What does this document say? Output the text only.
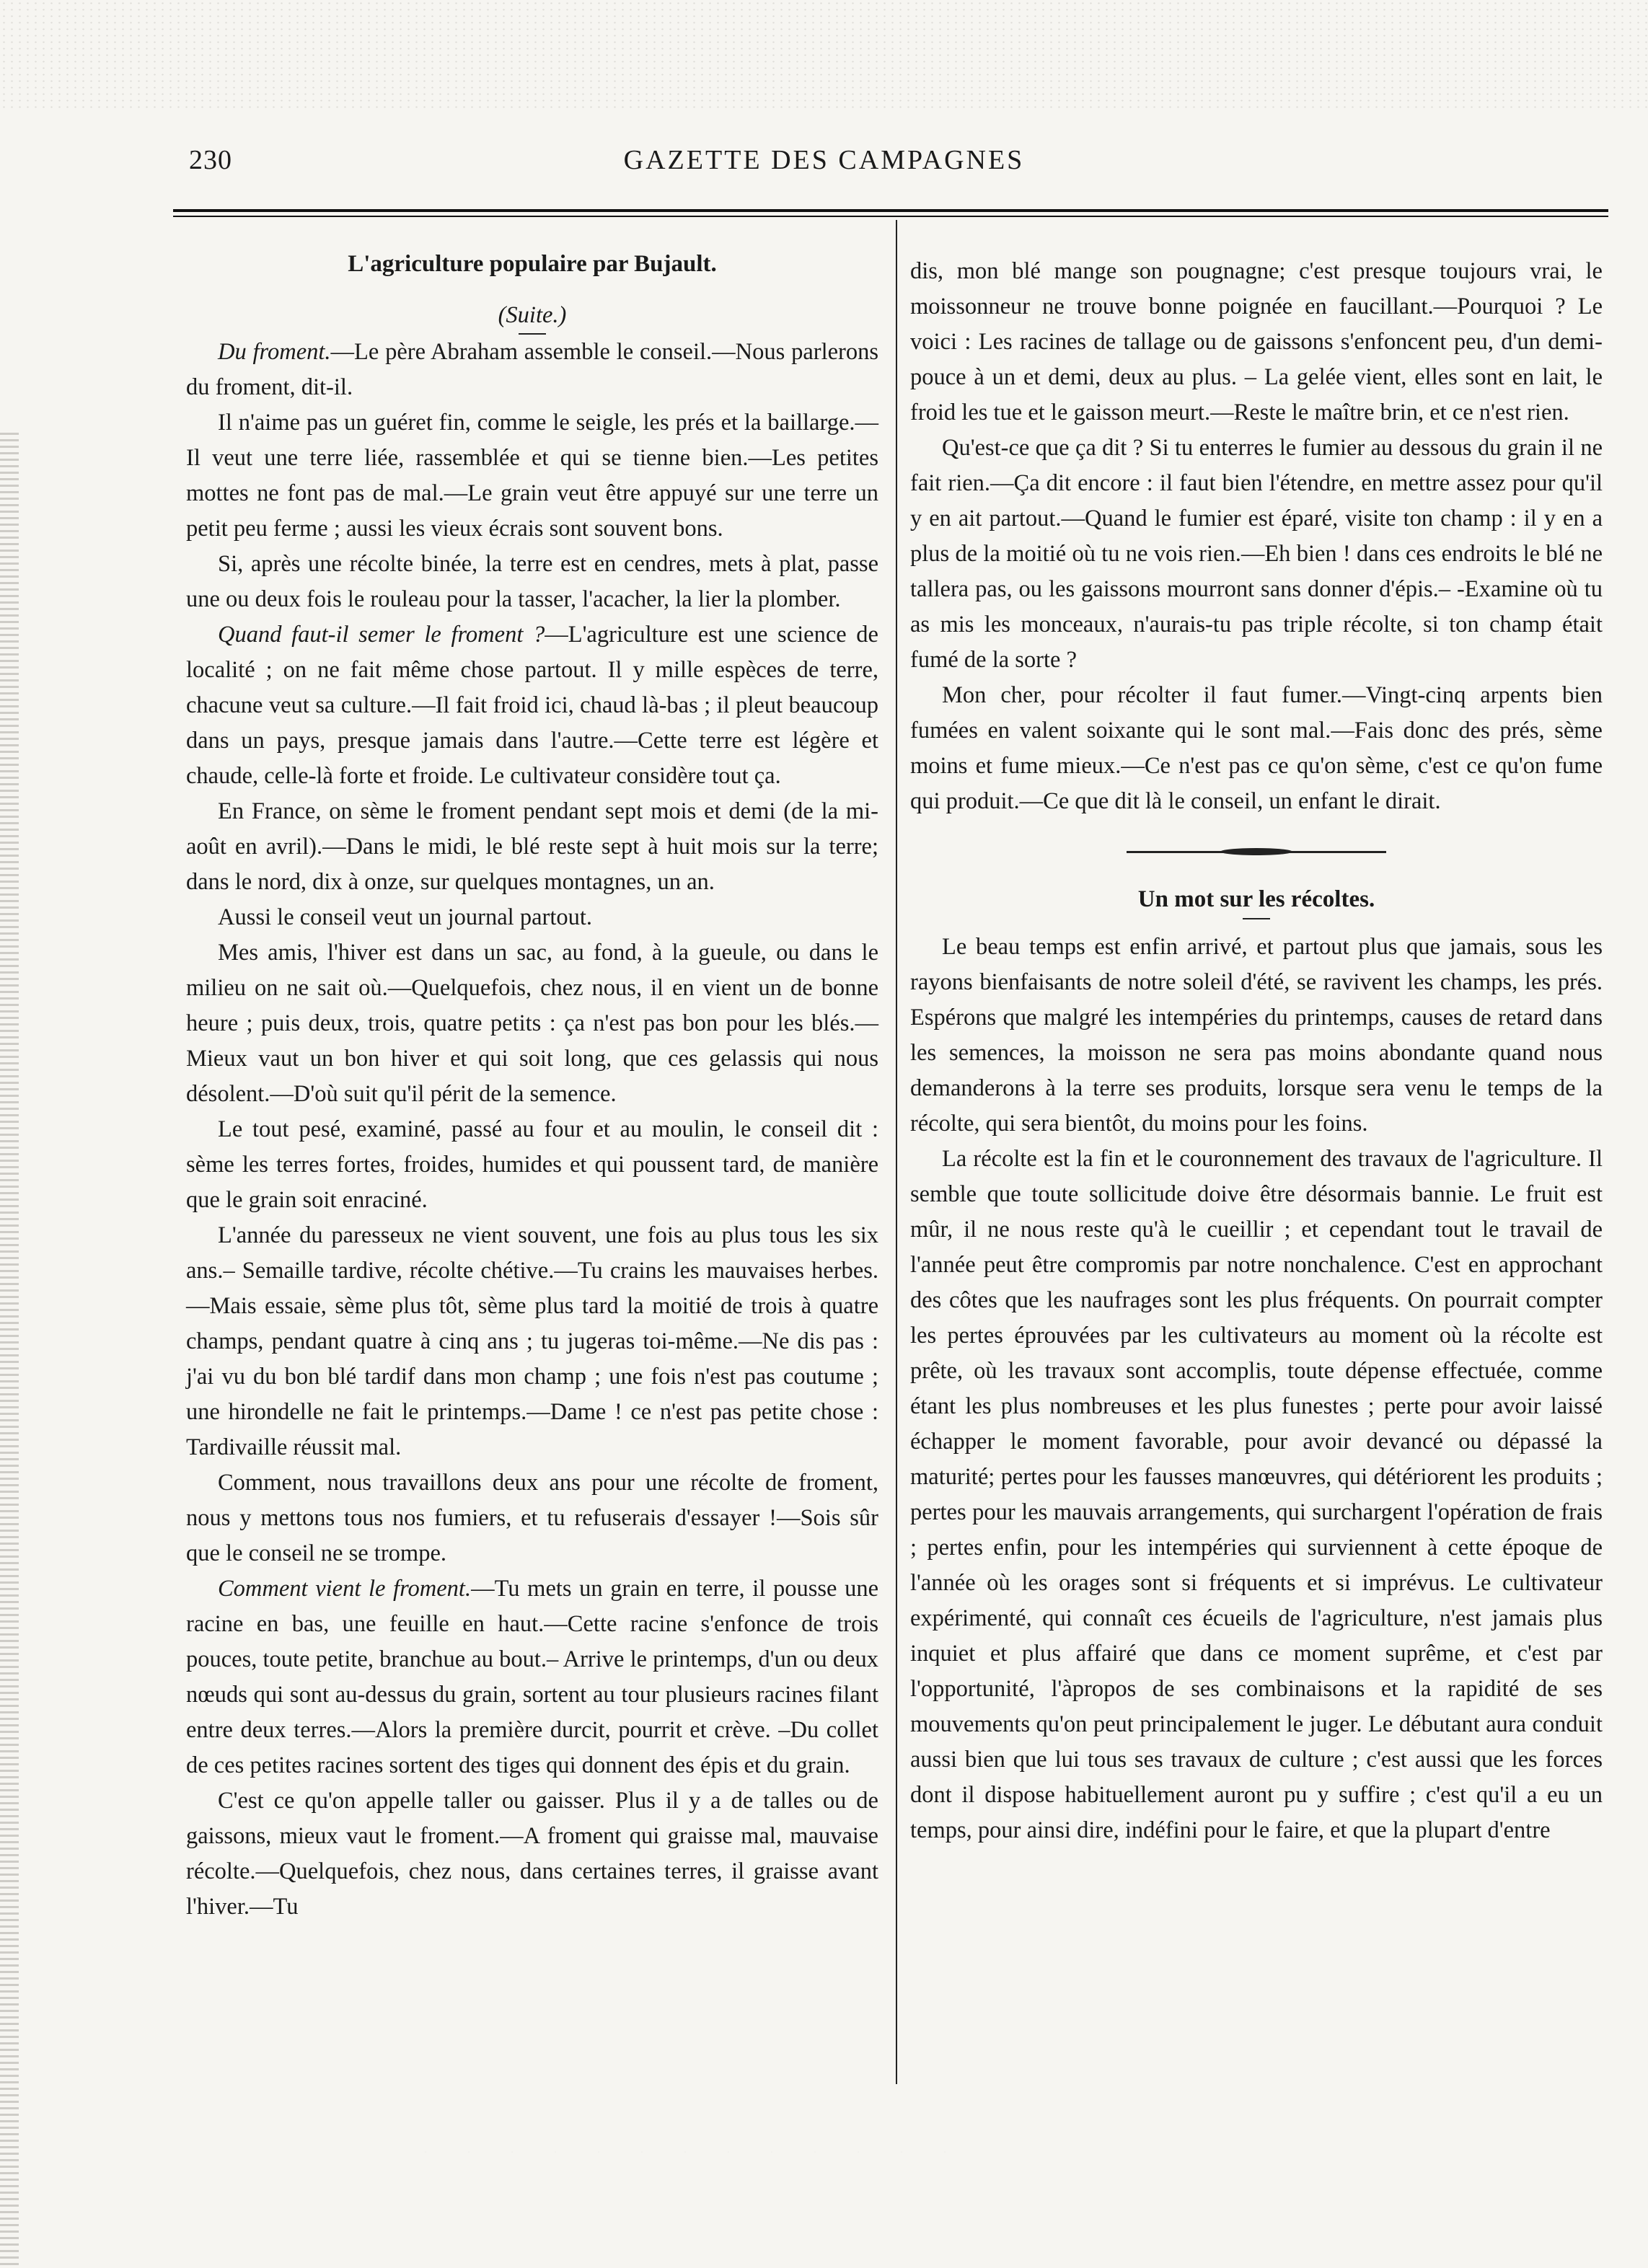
GAZETTE DES CAMPAGNES
230
L'agriculture populaire par Bujault.
(Suite.)

Du froment.—Le père Abraham assemble le conseil.—Nous parlerons du froment, dit-il.

Il n'aime pas un guéret fin, comme le seigle, les prés et la baillarge.—Il veut une terre liée, rassemblée et qui se tienne bien.—Les petites mottes ne font pas de mal.—Le grain veut être appuyé sur une terre un petit peu ferme ; aussi les vieux écrais sont souvent bons.

Si, après une récolte binée, la terre est en cendres, mets à plat, passe une ou deux fois le rouleau pour la tasser, l'acacher, la lier la plomber.

Quand faut-il semer le froment ?—L'agriculture est une science de localité ; on ne fait même chose partout. Il y mille espèces de terre, chacune veut sa culture.—Il fait froid ici, chaud là-bas ; il pleut beaucoup dans un pays, presque jamais dans l'autre.—Cette terre est légère et chaude, celle-là forte et froide. Le cultivateur considère tout ça.

En France, on sème le froment pendant sept mois et demi (de la mi-août en avril).—Dans le midi, le blé reste sept à huit mois sur la terre; dans le nord, dix à onze, sur quelques montagnes, un an.

Aussi le conseil veut un journal partout.

Mes amis, l'hiver est dans un sac, au fond, à la gueule, ou dans le milieu on ne sait où.—Quelquefois, chez nous, il en vient un de bonne heure ; puis deux, trois, quatre petits : ça n'est pas bon pour les blés.—Mieux vaut un bon hiver et qui soit long, que ces gelassis qui nous désolent.—D'où suit qu'il périt de la semence.

Le tout pesé, examiné, passé au four et au moulin, le conseil dit : sème les terres fortes, froides, humides et qui poussent tard, de manière que le grain soit enraciné.

L'année du paresseux ne vient souvent, une fois au plus tous les six ans.– Semaille tardive, récolte chétive.—Tu crains les mauvaises herbes.—Mais essaie, sème plus tôt, sème plus tard la moitié de trois à quatre champs, pendant quatre à cinq ans ; tu jugeras toi-même.—Ne dis pas : j'ai vu du bon blé tardif dans mon champ ; une fois n'est pas coutume ; une hirondelle ne fait le printemps.—Dame ! ce n'est pas petite chose : Tardivaille réussit mal.

Comment, nous travaillons deux ans pour une récolte de froment, nous y mettons tous nos fumiers, et tu refuserais d'essayer !—Sois sûr que le conseil ne se trompe.

Comment vient le froment.—Tu mets un grain en terre, il pousse une racine en bas, une feuille en haut.—Cette racine s'enfonce de trois pouces, toute petite, branchue au bout.– Arrive le printemps, d'un ou deux nœuds qui sont au-dessus du grain, sortent au tour plusieurs racines filant entre deux terres.—Alors la première durcit, pourrit et crève. –Du collet de ces petites racines sortent des tiges qui donnent des épis et du grain.

C'est ce qu'on appelle taller ou gaisser. Plus il y a de talles ou de gaissons, mieux vaut le froment.—A froment qui graisse mal, mauvaise récolte.—Quelquefois, chez nous, dans certaines terres, il graisse avant l'hiver.—Tu

dis, mon blé mange son pougnagne; c'est presque toujours vrai, le moissonneur ne trouve bonne poignée en faucillant.—Pourquoi ? Le voici : Les racines de tallage ou de gaissons s'enfoncent peu, d'un demi-pouce à un et demi, deux au plus. – La gelée vient, elles sont en lait, le froid les tue et le gaisson meurt.—Reste le maître brin, et ce n'est rien.

Qu'est-ce que ça dit ? Si tu enterres le fumier au dessous du grain il ne fait rien.—Ça dit encore : il faut bien l'étendre, en mettre assez pour qu'il y en ait partout.—Quand le fumier est éparé, visite ton champ : il y en a plus de la moitié où tu ne vois rien.—Eh bien ! dans ces endroits le blé ne tallera pas, ou les gaissons mourront sans donner d'épis.– -Examine où tu as mis les monceaux, n'aurais-tu pas triple récolte, si ton champ était fumé de la sorte ?

Mon cher, pour récolter il faut fumer.—Vingt-cinq arpents bien fumées en valent soixante qui le sont mal.—Fais donc des prés, sème moins et fume mieux.—Ce n'est pas ce qu'on sème, c'est ce qu'on fume qui produit.—Ce que dit là le conseil, un enfant le dirait.

Un mot sur les récoltes.

Le beau temps est enfin arrivé, et partout plus que jamais, sous les rayons bienfaisants de notre soleil d'été, se ravivent les champs, les prés. Espérons que malgré les intempéries du printemps, causes de retard dans les semences, la moisson ne sera pas moins abondante quand nous demanderons à la terre ses produits, lorsque sera venu le temps de la récolte, qui sera bientôt, du moins pour les foins.

La récolte est la fin et le couronnement des travaux de l'agriculture. Il semble que toute sollicitude doive être désormais bannie. Le fruit est mûr, il ne nous reste qu'à le cueillir ; et cependant tout le travail de l'année peut être compromis par notre nonchalence. C'est en approchant des côtes que les naufrages sont les plus fréquents. On pourrait compter les pertes éprouvées par les cultivateurs au moment où la récolte est prête, où les travaux sont accomplis, toute dépense effectuée, comme étant les plus nombreuses et les plus funestes ; perte pour avoir laissé échapper le moment favorable, pour avoir devancé ou dépassé la maturité; pertes pour les fausses manœuvres, qui détériorent les produits ; pertes pour les mauvais arrangements, qui surchargent l'opération de frais ; pertes enfin, pour les intempéries qui surviennent à cette époque de l'année où les orages sont si fréquents et si imprévus. Le cultivateur expérimenté, qui connaît ces écueils de l'agriculture, n'est jamais plus inquiet et plus affairé que dans ce moment suprême, et c'est par l'opportunité, l'àpropos de ses combinaisons et la rapidité de ses mouvements qu'on peut principalement le juger. Le débutant aura conduit aussi bien que lui tous ses travaux de culture ; c'est aussi que les forces dont il dispose habituellement auront pu y suffire ; c'est qu'il a eu un temps, pour ainsi dire, indéfini pour le faire, et que la plupart d'entre
